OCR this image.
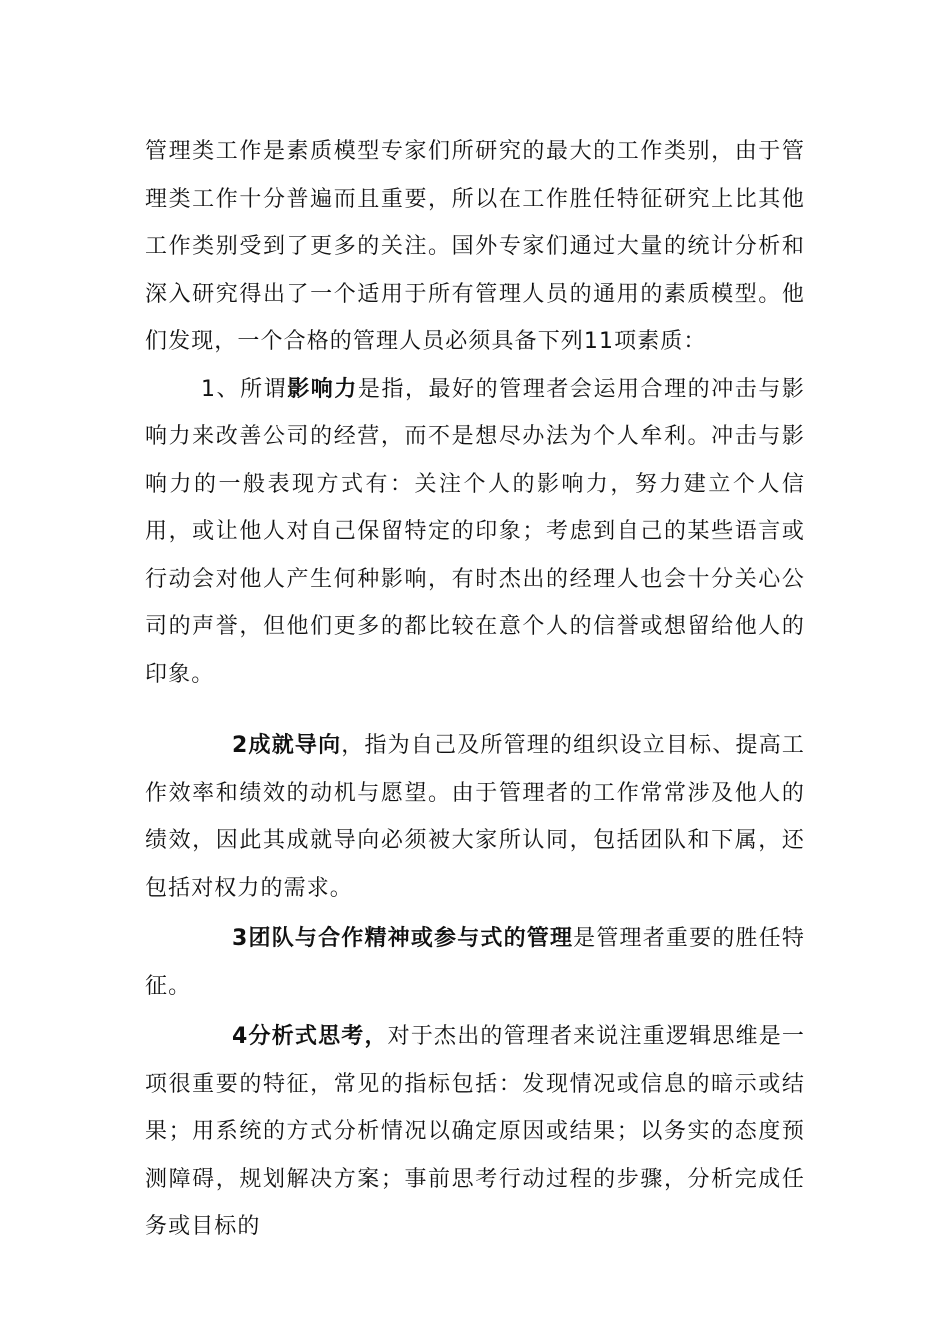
管理类工作是素质模型专家们所研究的最大的工作类别，由于管理类工作十分普遍而且重要，所以在工作胜任特征研究上比其他工作类别受到了更多的关注。国外专家们通过大量的统计分析和深入研究得出了一个适用于所有管理人员的通用的素质模型。他们发现，一个合格的管理人员必须具备下列11项素质：

1、所谓影响力是指，最好的管理者会运用合理的冲击与影响力来改善公司的经营，而不是想尽办法为个人牟利。冲击与影响力的一般表现方式有：关注个人的影响力，努力建立个人信用，或让他人对自己保留特定的印象；考虑到自己的某些语言或行动会对他人产生何种影响，有时杰出的经理人也会十分关心公司的声誉，但他们更多的都比较在意个人的信誉或想留给他人的印象。

2成就导向，指为自己及所管理的组织设立目标、提高工作效率和绩效的动机与愿望。由于管理者的工作常常涉及他人的绩效，因此其成就导向必须被大家所认同，包括团队和下属，还包括对权力的需求。

3团队与合作精神或参与式的管理是管理者重要的胜任特征。

4分析式思考，对于杰出的管理者来说注重逻辑思维是一项很重要的特征，常见的指标包括：发现情况或信息的暗示或结果；用系统的方式分析情况以确定原因或结果；以务实的态度预测障碍，规划解决方案；事前思考行动过程的步骤，分析完成任务或目标的
